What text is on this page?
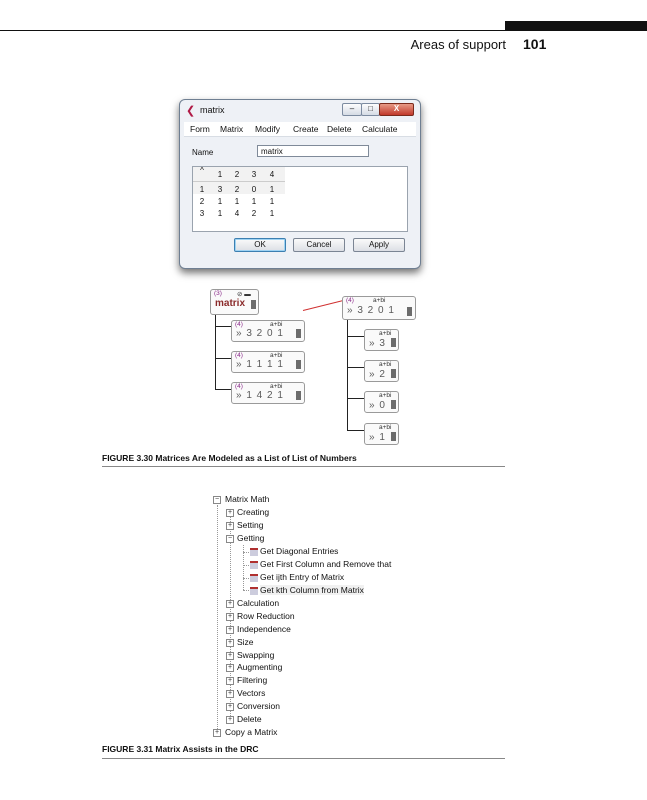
Areas of support 101
❮ matrix	–	□	X
Form Matrix Modify Create Delete Calculate
Name	matrix
^	1	2	3	4
1	3	2	0	1
2	1	1	1	1
3	1	4	2	1
OK	Cancel	Apply
(3) ⊘ ▬
matrix
(4)	a+bi
» 3 2 0 1
(4)	a+bi
» 1 1 1 1
(4)	a+bi
» 1 4 2 1
(4)	a+bi
» 3 2 0 1
a+bi
» 3
a+bi
» 2
a+bi
» 0
a+bi
» 1
FIGURE 3.30 Matrices Are Modeled as a List of List of Numbers
− Matrix Math
+ Creating
+ Setting
− Getting
Get Diagonal Entries
Get First Column and Remove that
Get ijth Entry of Matrix
Get kth Column from Matrix
+ Calculation
+ Row Reduction
+ Independence
+ Size
+ Swapping
+ Augmenting
+ Filtering
+ Vectors
+ Conversion
+ Delete
+ Copy a Matrix
FIGURE 3.31 Matrix Assists in the DRC
